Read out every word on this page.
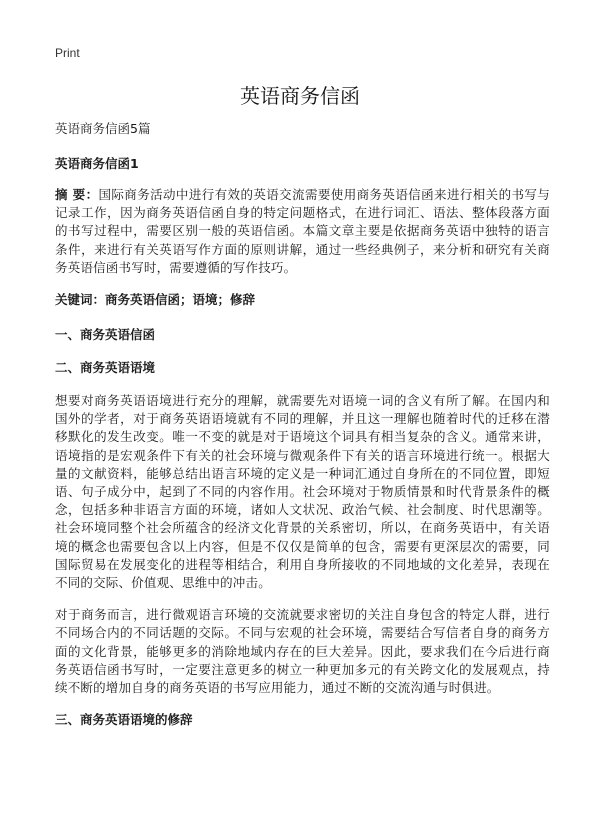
Print
英语商务信函

英语商务信函5篇

英语商务信函1

摘 要：国际商务活动中进行有效的英语交流需要使用商务英语信函来进行相关的书写与记录工作，因为商务英语信函自身的特定问题格式，在进行词汇、语法、整体段落方面的书写过程中，需要区别一般的英语信函。本篇文章主要是依据商务英语中独特的语言条件，来进行有关英语写作方面的原则讲解，通过一些经典例子，来分析和研究有关商务英语信函书写时，需要遵循的写作技巧。

关键词：商务英语信函；语境；修辞

一、商务英语信函

二、商务英语语境

想要对商务英语语境进行充分的理解，就需要先对语境一词的含义有所了解。在国内和国外的学者，对于商务英语语境就有不同的理解，并且这一理解也随着时代的迁移在潜移默化的发生改变。唯一不变的就是对于语境这个词具有相当复杂的含义。通常来讲，语境指的是宏观条件下有关的社会环境与微观条件下有关的语言环境进行统一。根据大量的文献资料，能够总结出语言环境的定义是一种词汇通过自身所在的不同位置，即短语、句子成分中，起到了不同的内容作用。社会环境对于物质情景和时代背景条件的概念，包括多种非语言方面的环境，诸如人文状况、政治气候、社会制度、时代思潮等。社会环境同整个社会所蕴含的经济文化背景的关系密切，所以，在商务英语中，有关语境的概念也需要包含以上内容，但是不仅仅是简单的包含，需要有更深层次的需要，同国际贸易在发展变化的进程等相结合，利用自身所接收的不同地域的文化差异，表现在不同的交际、价值观、思维中的冲击。

对于商务而言，进行微观语言环境的交流就要求密切的关注自身包含的特定人群，进行不同场合内的不同话题的交际。不同与宏观的社会环境，需要结合写信者自身的商务方面的文化背景，能够更多的消除地域内存在的巨大差异。因此，要求我们在今后进行商务英语信函书写时，一定要注意更多的树立一种更加多元的有关跨文化的发展观点，持续不断的增加自身的商务英语的书写应用能力，通过不断的交流沟通与时俱进。

三、商务英语语境的修辞
